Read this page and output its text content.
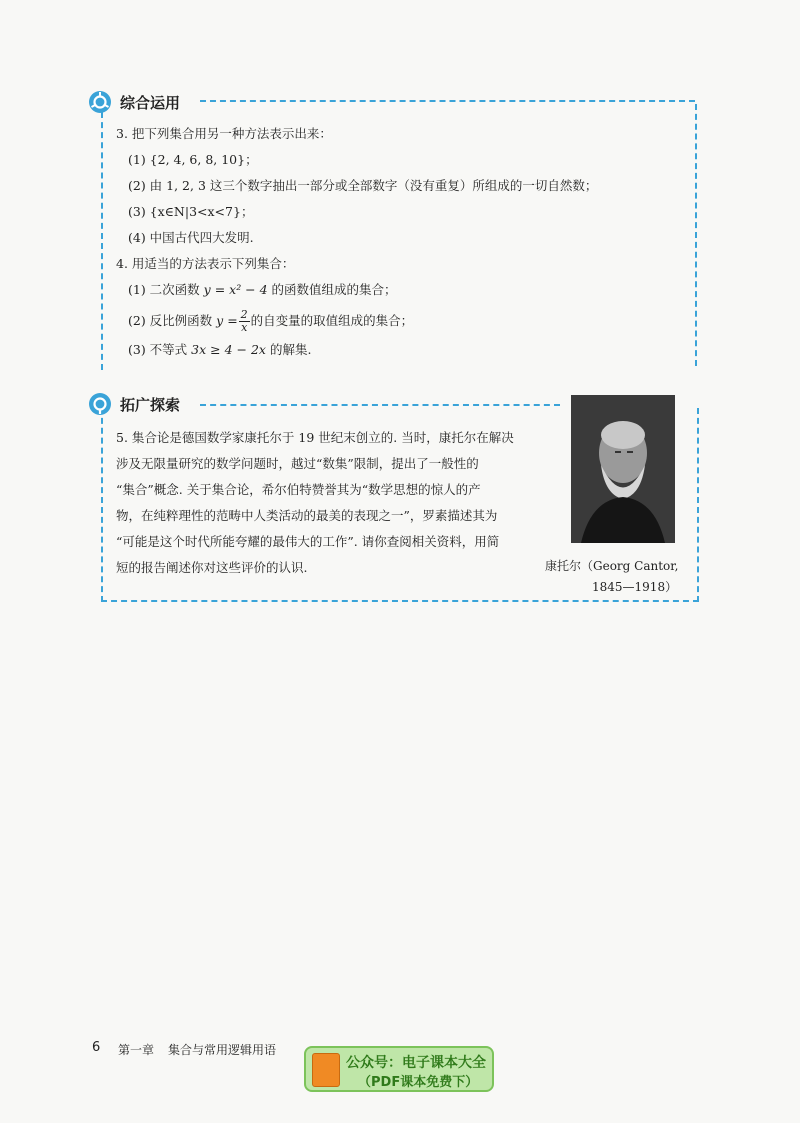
综合运用
3. 把下列集合用另一种方法表示出来：
(1) {2, 4, 6, 8, 10}；
(2) 由 1, 2, 3 这三个数字抽出一部分或全部数字（没有重复）所组成的一切自然数；
(3) {x∈N|3<x<7}；
(4) 中国古代四大发明.
4. 用适当的方法表示下列集合：
(1) 二次函数 y = x² − 4 的函数值组成的集合；
(2) 反比例函数 $y = \frac{2}{x}$ 的自变量的取值组成的集合；
(3) 不等式 3x ≥ 4 − 2x 的解集.
拓广探索
5. 集合论是德国数学家康托尔于 19 世纪末创立的. 当时，康托尔在解决
涉及无限量研究的数学问题时，越过“数集”限制，提出了一般性的
“集合”概念. 关于集合论，希尔伯特赞誉其为“数学思想的惊人的产
物，在纯粹理性的范畴中人类活动的最美的表现之一”，罗素描述其为
“可能是这个时代所能夸耀的最伟大的工作”. 请你查阅相关资料，用简
短的报告阐述你对这些评价的认识.	康托尔（Georg Cantor,
1845—1918）
6 第一章 集合与常用逻辑用语
公众号：电子课本大全
（PDF课本免费下）
